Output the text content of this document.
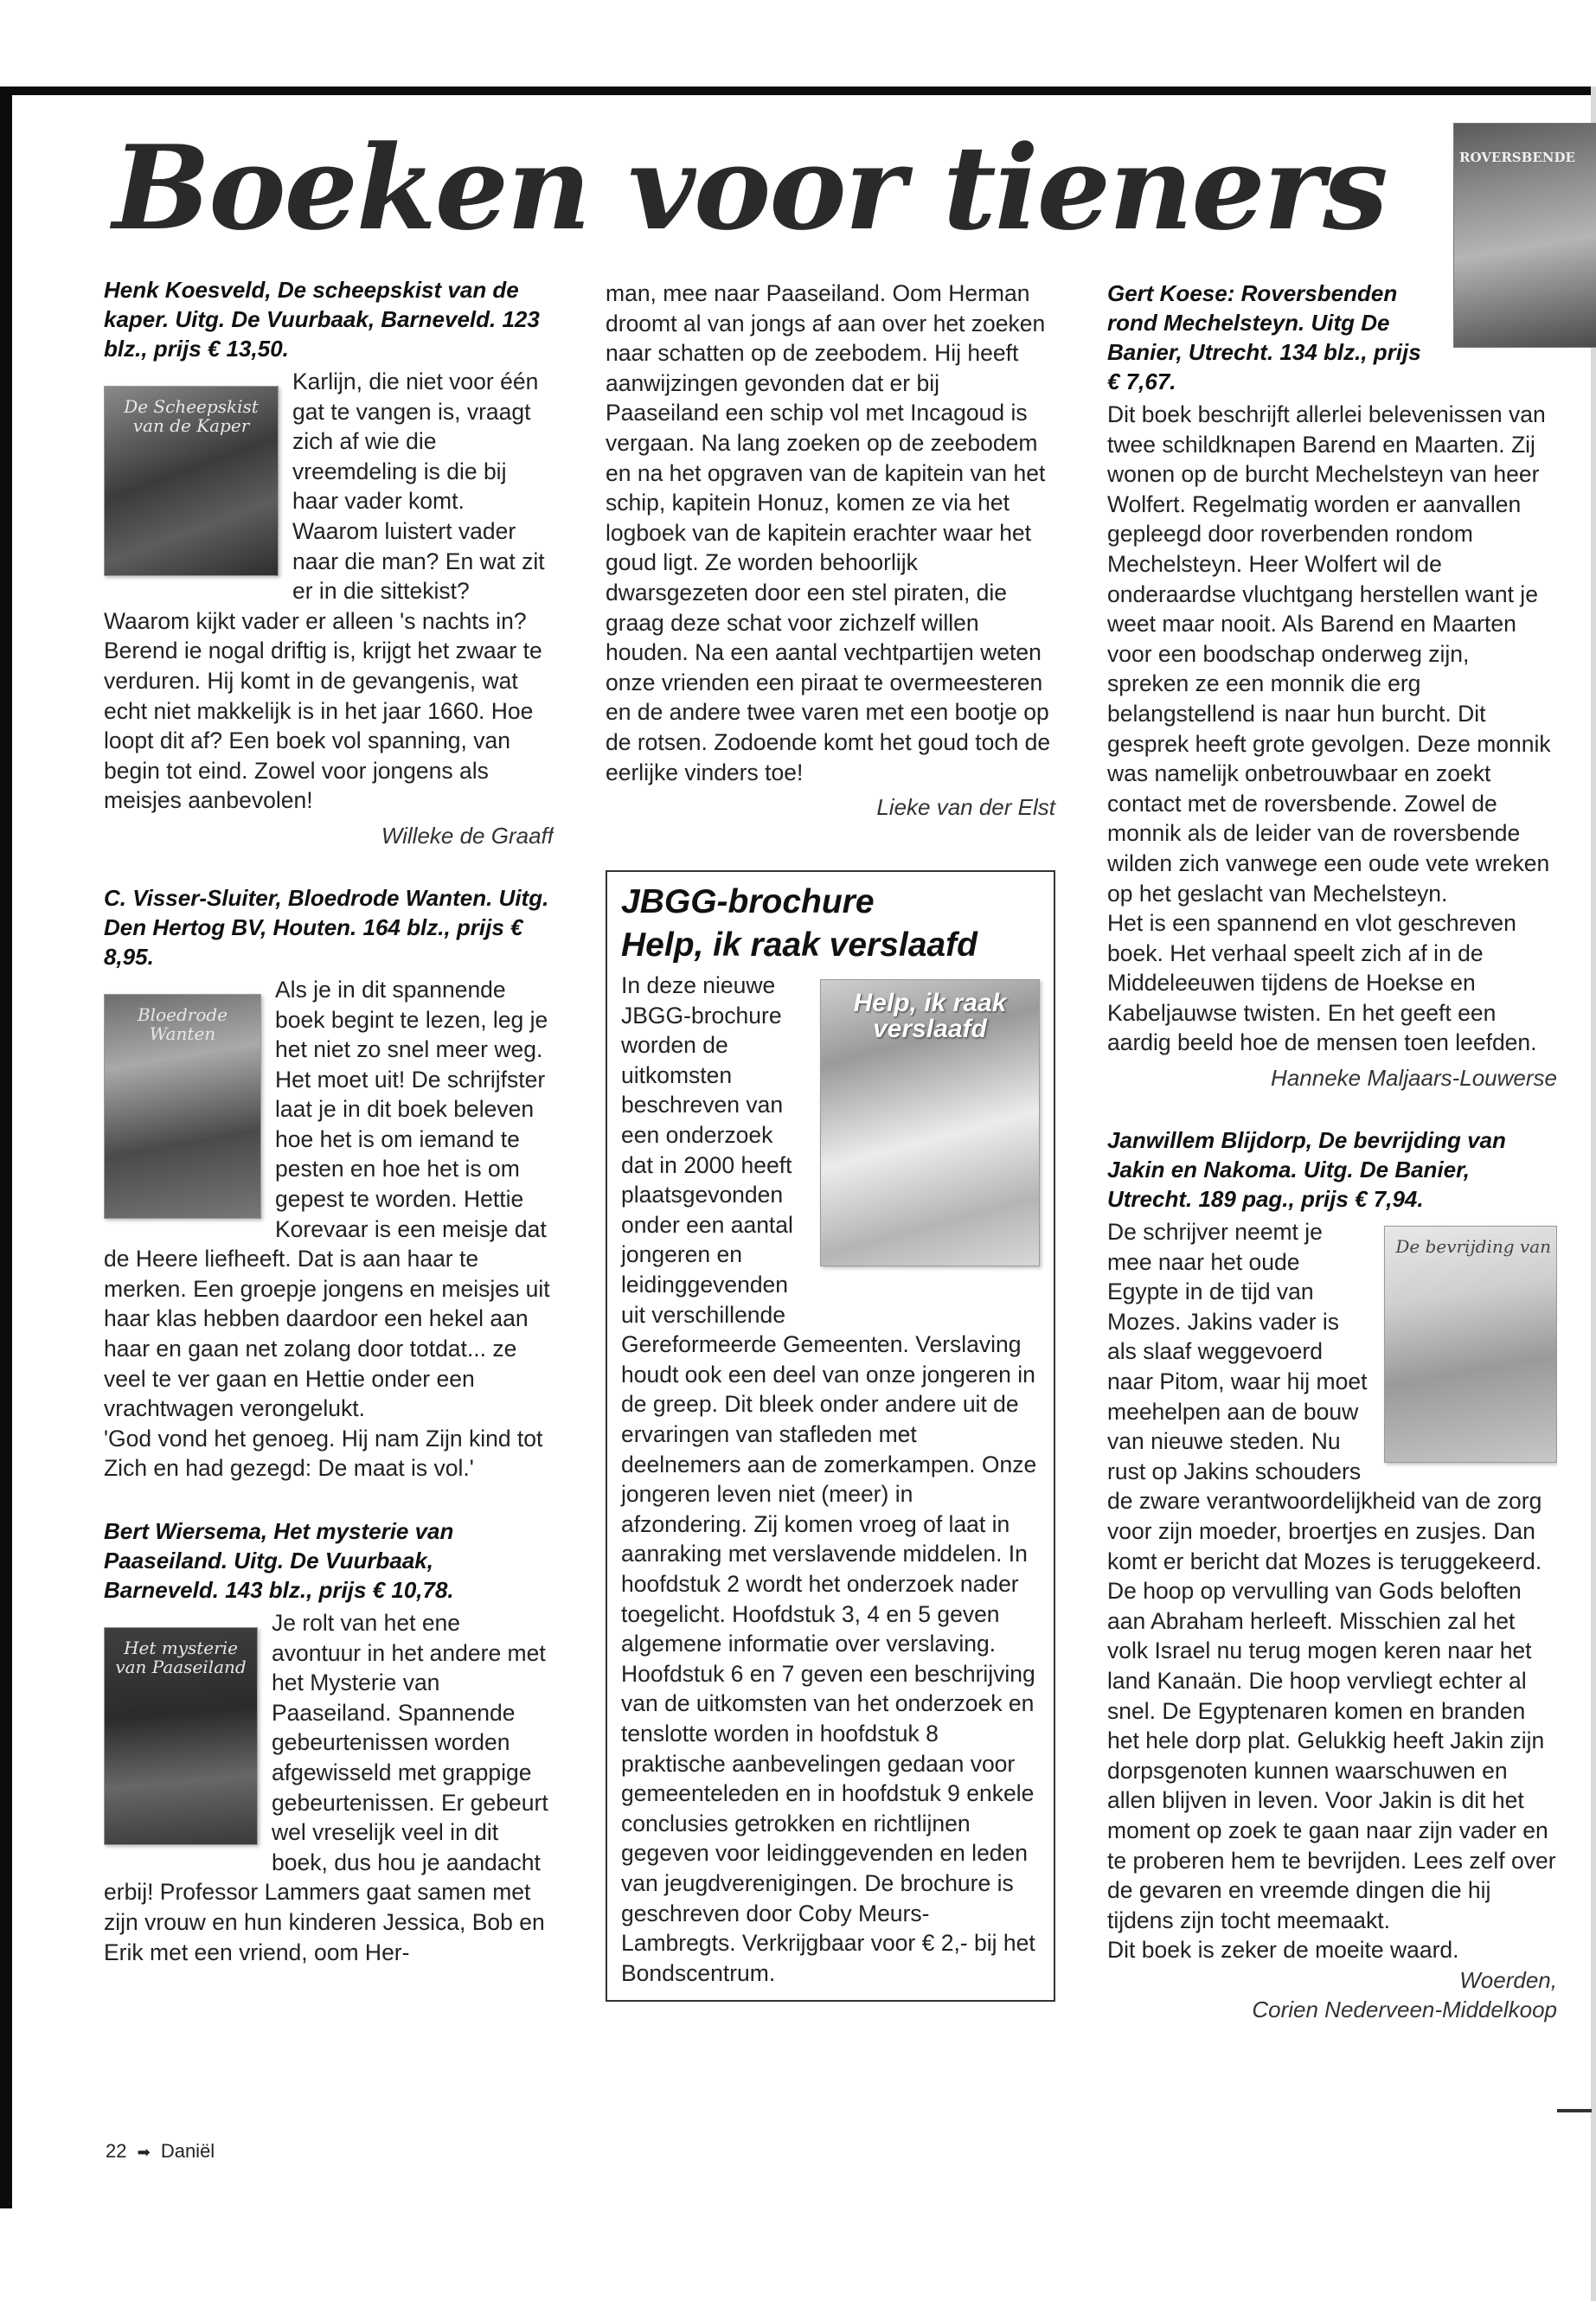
Boeken voor tieners	ROVERSBENDE

Henk Koesveld, De scheepskist van de kaper. Uitg. De Vuurbaak, Barneveld. 123 blz., prijs € 13,50.

De Scheepskist van de Kaper

Karlijn, die niet voor één gat te vangen is, vraagt zich af wie die vreemdeling is die bij haar vader komt. Waarom luistert vader naar die man? En wat zit er in die sittekist? Waarom kijkt vader er alleen 's nachts in?

Berend ie nogal driftig is, krijgt het zwaar te verduren. Hij komt in de gevangenis, wat echt niet makkelijk is in het jaar 1660. Hoe loopt dit af? Een boek vol spanning, van begin tot eind. Zowel voor jongens als meisjes aanbevolen!

Willeke de Graaff

C. Visser-Sluiter, Bloedrode Wanten. Uitg. Den Hertog BV, Houten. 164 blz., prijs € 8,95.

Bloedrode Wanten

Als je in dit spannende boek begint te lezen, leg je het niet zo snel meer weg. Het moet uit! De schrijfster laat je in dit boek beleven hoe het is om iemand te pesten en hoe het is om gepest te worden. Hettie Korevaar is een meisje dat de Heere liefheeft. Dat is aan haar te merken. Een groepje jongens en meisjes uit haar klas hebben daardoor een hekel aan haar en gaan net zolang door totdat... ze veel te ver gaan en Hettie onder een vrachtwagen verongelukt.

'God vond het genoeg. Hij nam Zijn kind tot Zich en had gezegd: De maat is vol.'

Bert Wiersema, Het mysterie van Paaseiland. Uitg. De Vuurbaak, Barneveld. 143 blz., prijs € 10,78.

Het mysterie van Paaseiland

Je rolt van het ene avontuur in het andere met het Mysterie van Paaseiland. Spannende gebeurtenissen worden afgewisseld met grappige gebeurtenissen. Er gebeurt wel vreselijk veel in dit boek, dus hou je aandacht erbij! Professor Lammers gaat samen met zijn vrouw en hun kinderen Jessica, Bob en Erik met een vriend, oom Her-

man, mee naar Paaseiland. Oom Herman droomt al van jongs af aan over het zoeken naar schatten op de zeebodem. Hij heeft aanwijzingen gevonden dat er bij Paaseiland een schip vol met Incagoud is vergaan. Na lang zoeken op de zeebodem en na het opgraven van de kapitein van het schip, kapitein Honuz, komen ze via het logboek van de kapitein erachter waar het goud ligt. Ze worden behoorlijk dwarsgezeten door een stel piraten, die graag deze schat voor zichzelf willen houden. Na een aantal vechtpartijen weten onze vrienden een piraat te overmeesteren en de andere twee varen met een bootje op de rotsen. Zodoende komt het goud toch de eerlijke vinders toe!

Lieke van der Elst

JBGG-brochure
Help, ik raak verslaafd

Help, ik raak verslaafd

In deze nieuwe JBGG-brochure worden de uitkomsten beschreven van een onderzoek dat in 2000 heeft plaatsgevonden onder een aantal jongeren en leidinggevenden uit verschillende

Gereformeerde Gemeenten. Verslaving houdt ook een deel van onze jongeren in de greep. Dit bleek onder andere uit de ervaringen van stafleden met deelnemers aan de zomerkampen. Onze jongeren leven niet (meer) in afzondering. Zij komen vroeg of laat in aanraking met verslavende middelen. In hoofdstuk 2 wordt het onderzoek nader toegelicht. Hoofdstuk 3, 4 en 5 geven algemene informatie over verslaving. Hoofdstuk 6 en 7 geven een beschrijving van de uitkomsten van het onderzoek en tenslotte worden in hoofdstuk 8 praktische aanbevelingen gedaan voor gemeenteleden en in hoofdstuk 9 enkele conclusies getrokken en richtlijnen gegeven voor leidinggevenden en leden van jeugdverenigingen. De brochure is geschreven door Coby Meurs-Lambregts. Verkrijgbaar voor € 2,- bij het Bondscentrum.

Gert Koese: Roversbenden rond Mechelsteyn. Uitg De Banier, Utrecht. 134 blz., prijs € 7,67.

Dit boek beschrijft allerlei belevenissen van twee schildknapen Barend en Maarten. Zij wonen op de burcht Mechelsteyn van heer Wolfert. Regelmatig worden er aanvallen gepleegd door roverbenden rondom Mechelsteyn. Heer Wolfert wil de onderaardse vluchtgang herstellen want je weet maar nooit. Als Barend en Maarten voor een boodschap onderweg zijn, spreken ze een monnik die erg belangstellend is naar hun burcht. Dit gesprek heeft grote gevolgen. Deze monnik was namelijk onbetrouwbaar en zoekt contact met de roversbende. Zowel de monnik als de leider van de roversbende wilden zich vanwege een oude vete wreken op het geslacht van Mechelsteyn.

Het is een spannend en vlot geschreven boek. Het verhaal speelt zich af in de Middeleeuwen tijdens de Hoekse en Kabeljauwse twisten. En het geeft een aardig beeld hoe de mensen toen leefden.

Hanneke Maljaars-Louwerse

Janwillem Blijdorp, De bevrijding van Jakin en Nakoma. Uitg. De Banier, Utrecht. 189 pag., prijs € 7,94.

De bevrijding van

De schrijver neemt je mee naar het oude Egypte in de tijd van Mozes. Jakins vader is als slaaf weggevoerd naar Pitom, waar hij moet meehelpen aan de bouw van nieuwe steden. Nu rust op Jakins schouders de zware verantwoordelijkheid van de zorg voor zijn moeder, broertjes en zusjes. Dan komt er bericht dat Mozes is teruggekeerd. De hoop op vervulling van Gods beloften aan Abraham herleeft. Misschien zal het volk Israel nu terug mogen keren naar het land Kanaän. Die hoop vervliegt echter al snel. De Egyptenaren komen en branden het hele dorp plat. Gelukkig heeft Jakin zijn dorpsgenoten kunnen waarschuwen en allen blijven in leven. Voor Jakin is dit het moment op zoek te gaan naar zijn vader en te proberen hem te bevrijden. Lees zelf over de gevaren en vreemde dingen die hij tijdens zijn tocht meemaakt.

Dit boek is zeker de moeite waard.

Woerden,

Corien Nederveen-Middelkoop

22 ➡ Daniël
